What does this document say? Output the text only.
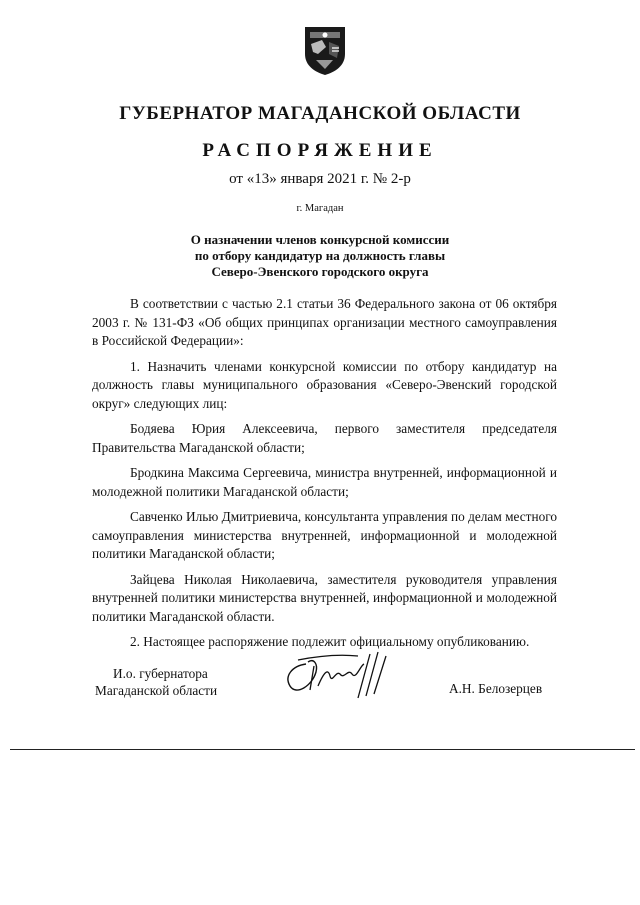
ГУБЕРНАТОР МАГАДАНСКОЙ ОБЛАСТИ
РАСПОРЯЖЕНИЕ
от «13» января 2021 г. № 2-р
г. Магадан
О назначении членов конкурсной комиссии
по отбору кандидатур на должность главы
Северо-Эвенского городского округа

В соответствии с частью 2.1 статьи 36 Федерального закона от 06 октября 2003 г. № 131-ФЗ «Об общих принципах организации местного самоуправления в Российской Федерации»:

1. Назначить членами конкурсной комиссии по отбору кандидатур на должность главы муниципального образования «Северо-Эвенский городской округ» следующих лиц:

Бодяева Юрия Алексеевича, первого заместителя председателя Правительства Магаданской области;

Бродкина Максима Сергеевича, министра внутренней, информационной и молодежной политики Магаданской области;

Савченко Илью Дмитриевича, консультанта управления по делам местного самоуправления министерства внутренней, информационной и молодежной политики Магаданской области;

Зайцева Николая Николаевича, заместителя руководителя управления внутренней политики министерства внутренней, информационной и молодежной политики Магаданской области.

2. Настоящее распоряжение подлежит официальному опубликованию.

И.о. губернатора
Магаданской области	А.Н. Белозерцев
